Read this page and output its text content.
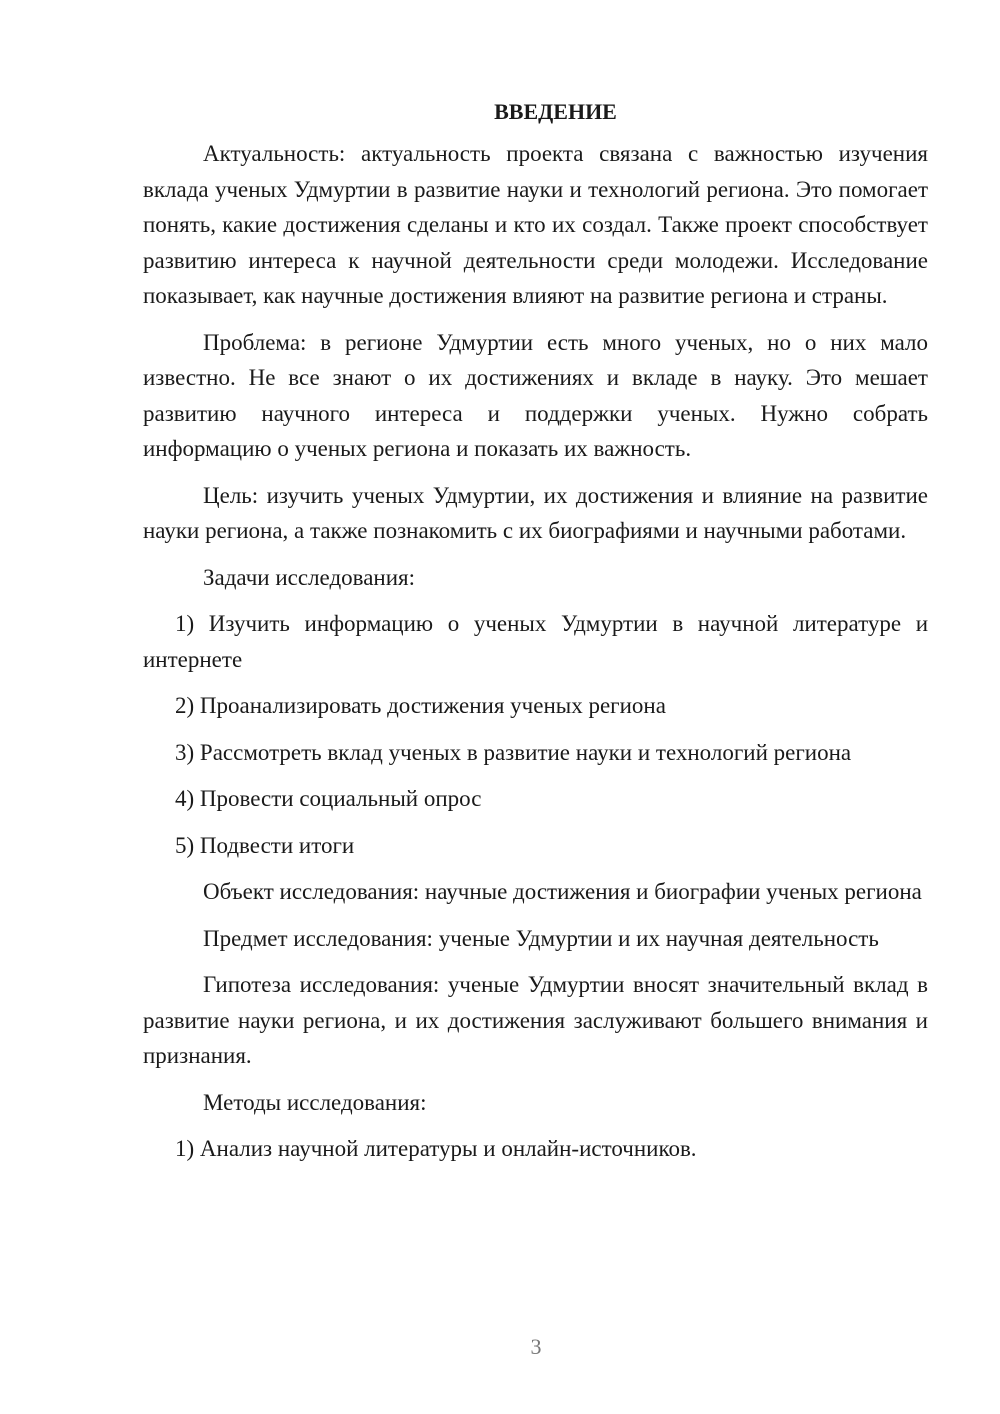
ВВЕДЕНИЕ

Актуальность: актуальность проекта связана с важностью изучения вклада ученых Удмуртии в развитие науки и технологий региона. Это помогает понять, какие достижения сделаны и кто их создал. Также проект способствует развитию интереса к научной деятельности среди молодежи. Исследование показывает, как научные достижения влияют на развитие региона и страны.

Проблема: в регионе Удмуртии есть много ученых, но о них мало известно. Не все знают о их достижениях и вкладе в науку. Это мешает развитию научного интереса и поддержки ученых. Нужно собрать информацию о ученых региона и показать их важность.

Цель: изучить ученых Удмуртии, их достижения и влияние на развитие науки региона, а также познакомить с их биографиями и научными работами.

Задачи исследования:

1) Изучить информацию о ученых Удмуртии в научной литературе и интернете

2) Проанализировать достижения ученых региона

3) Рассмотреть вклад ученых в развитие науки и технологий региона

4) Провести социальный опрос

5) Подвести итоги

Объект исследования: научные достижения и биографии ученых региона

Предмет исследования: ученые Удмуртии и их научная деятельность

Гипотеза исследования: ученые Удмуртии вносят значительный вклад в развитие науки региона, и их достижения заслуживают большего внимания и признания.

Методы исследования:

1) Анализ научной литературы и онлайн-источников.

3
